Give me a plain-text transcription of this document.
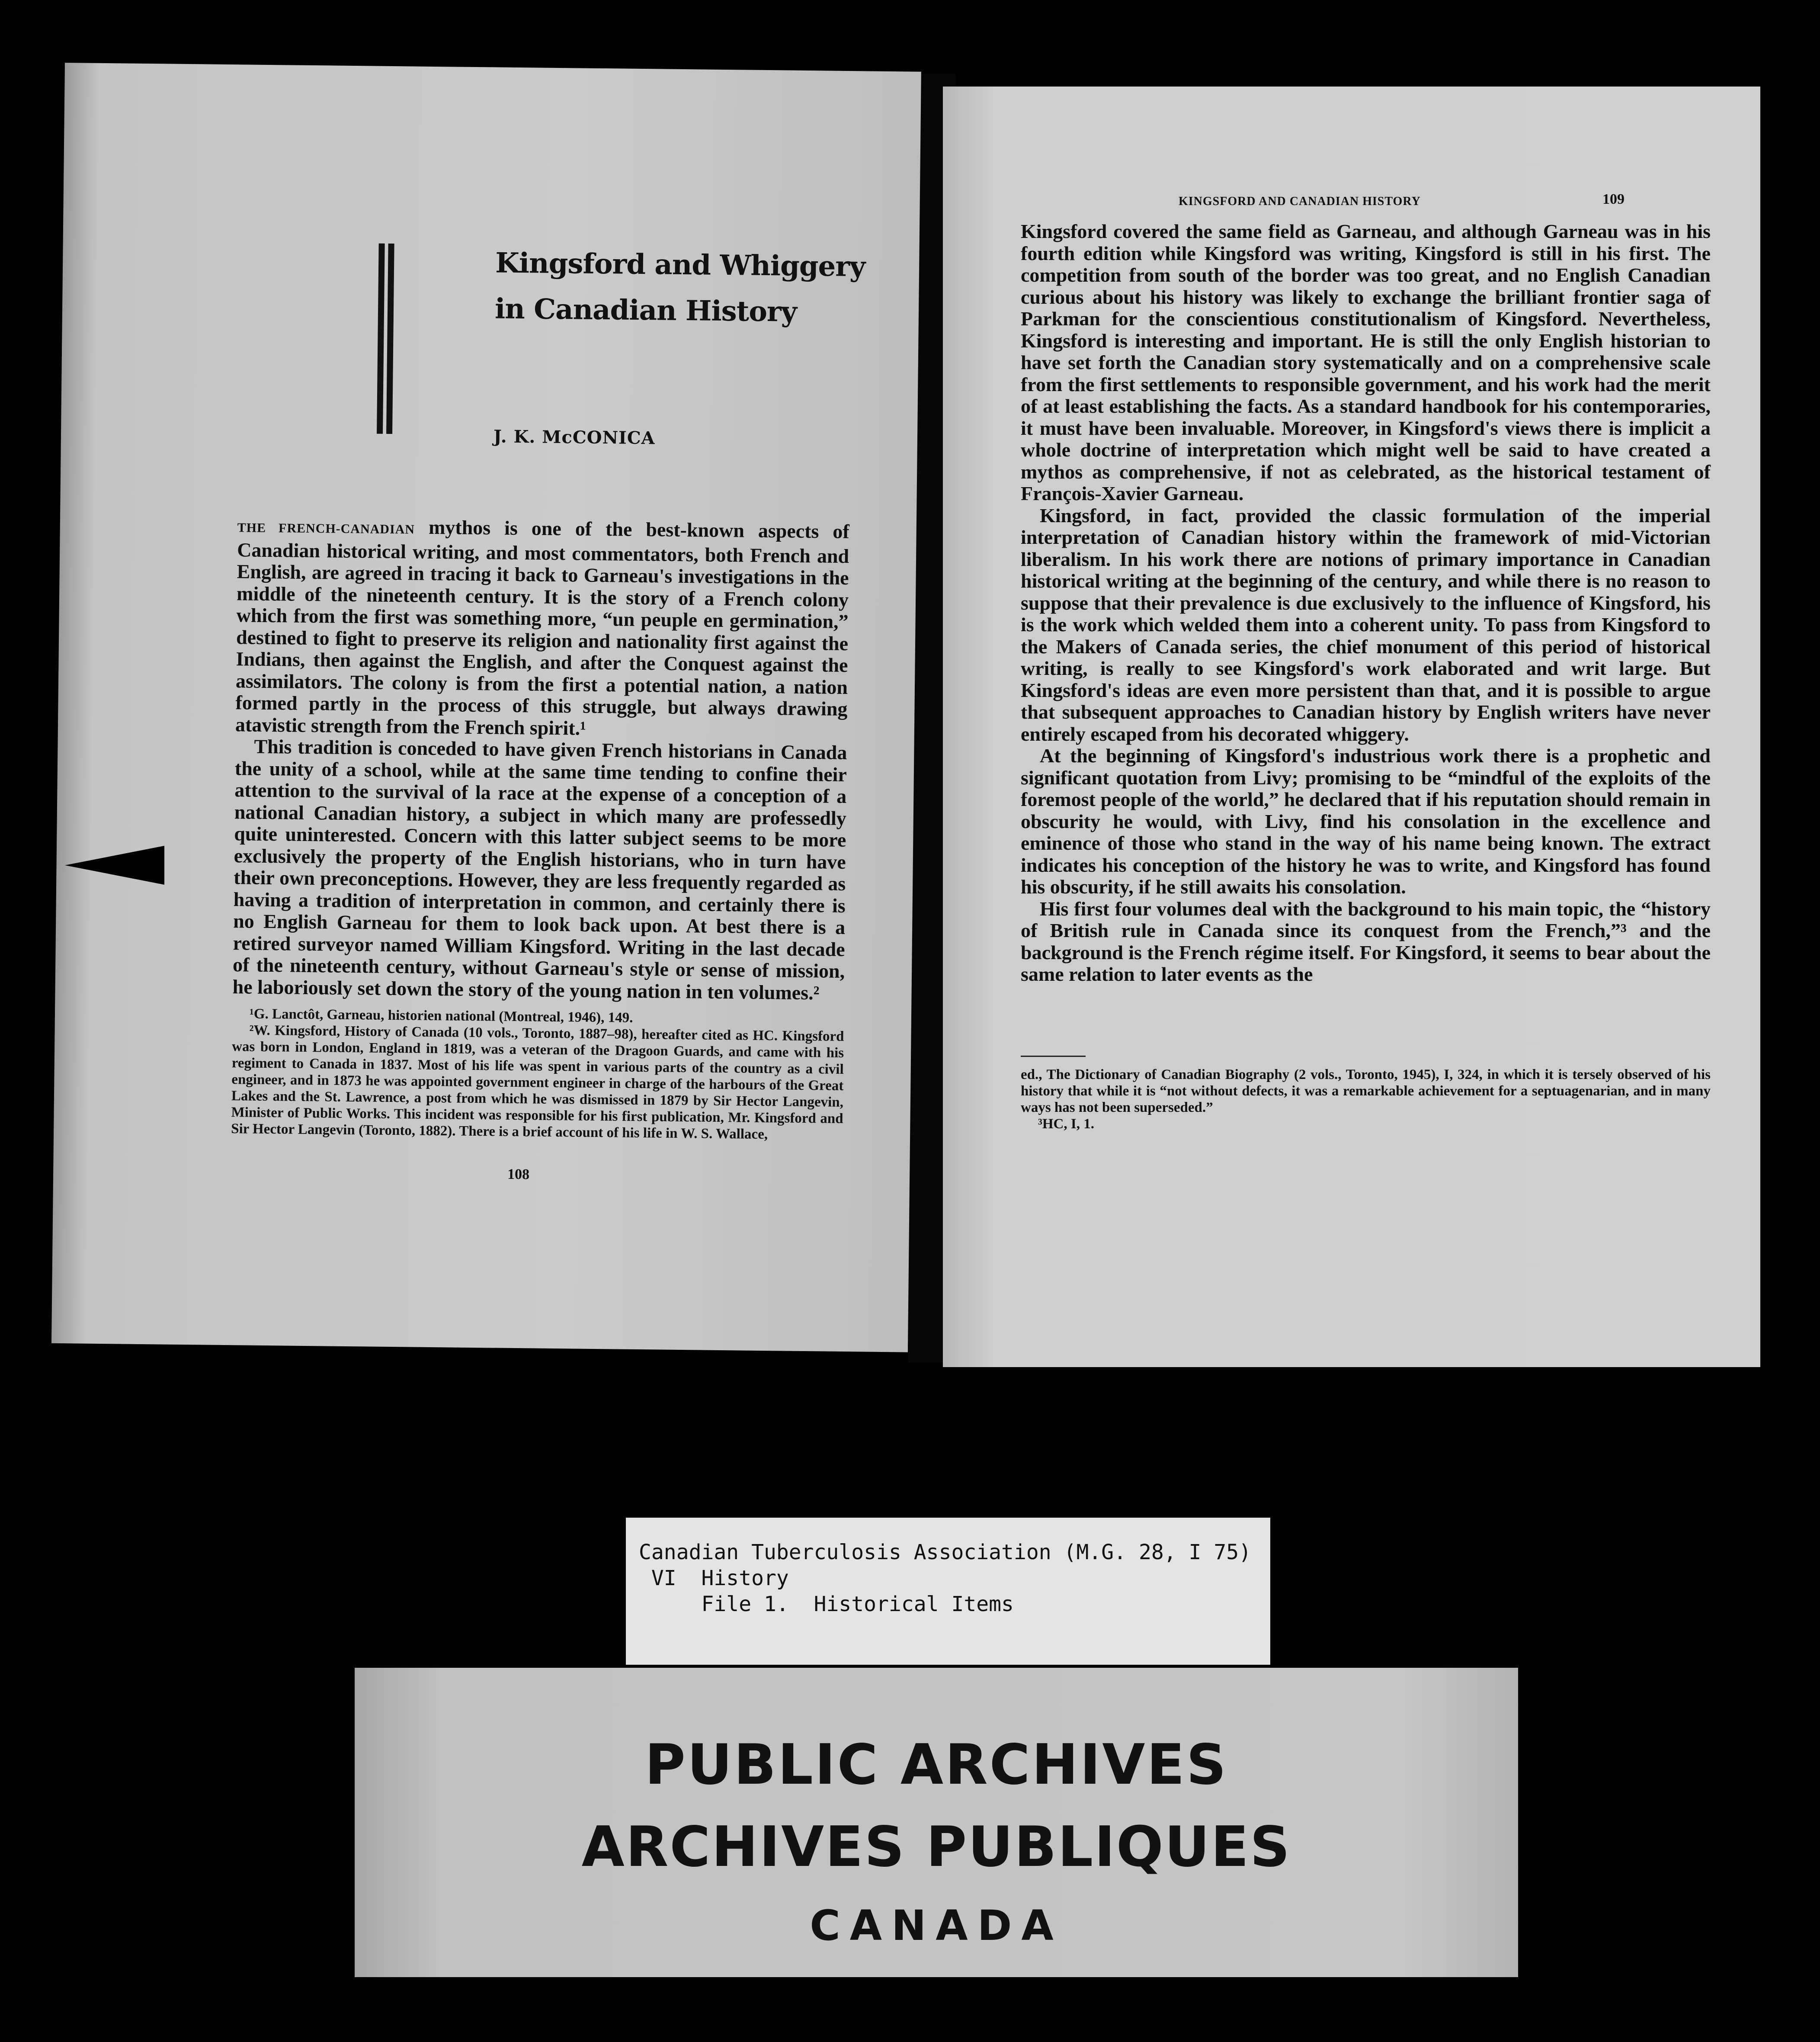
Kingsford and Whiggery
in Canadian History
J. K. McCONICA

THE FRENCH-CANADIAN mythos is one of the best-known aspects of Canadian historical writing, and most commentators, both French and English, are agreed in tracing it back to Garneau's investigations in the middle of the nineteenth century. It is the story of a French colony which from the first was something more, “un peuple en germination,” destined to fight to preserve its religion and nationality first against the Indians, then against the English, and after the Conquest against the assimilators. The colony is from the first a potential nation, a nation formed partly in the process of this struggle, but always drawing atavistic strength from the French spirit.¹

This tradition is conceded to have given French historians in Canada the unity of a school, while at the same time tending to confine their attention to the survival of la race at the expense of a conception of a national Canadian history, a subject in which many are professedly quite uninterested. Concern with this latter subject seems to be more exclusively the property of the English historians, who in turn have their own preconceptions. However, they are less frequently regarded as having a tradition of interpretation in common, and certainly there is no English Garneau for them to look back upon. At best there is a retired surveyor named William Kingsford. Writing in the last decade of the nineteenth century, without Garneau's style or sense of mission, he laboriously set down the story of the young nation in ten volumes.²

¹G. Lanctôt, Garneau, historien national (Montreal, 1946), 149.

²W. Kingsford, History of Canada (10 vols., Toronto, 1887–98), hereafter cited as HC. Kingsford was born in London, England in 1819, was a veteran of the Dragoon Guards, and came with his regiment to Canada in 1837. Most of his life was spent in various parts of the country as a civil engineer, and in 1873 he was appointed government engineer in charge of the harbours of the Great Lakes and the St. Lawrence, a post from which he was dismissed in 1879 by Sir Hector Langevin, Minister of Public Works. This incident was responsible for his first publication, Mr. Kingsford and Sir Hector Langevin (Toronto, 1882). There is a brief account of his life in W. S. Wallace,

108
KINGSFORD AND CANADIAN HISTORY	109

Kingsford covered the same field as Garneau, and although Garneau was in his fourth edition while Kingsford was writing, Kingsford is still in his first. The competition from south of the border was too great, and no English Canadian curious about his history was likely to exchange the brilliant frontier saga of Parkman for the conscientious constitutionalism of Kingsford. Nevertheless, Kingsford is interesting and important. He is still the only English historian to have set forth the Canadian story systematically and on a comprehensive scale from the first settlements to responsible government, and his work had the merit of at least establishing the facts. As a standard handbook for his contemporaries, it must have been invaluable. Moreover, in Kingsford's views there is implicit a whole doctrine of interpretation which might well be said to have created a mythos as comprehensive, if not as celebrated, as the historical testament of François-Xavier Garneau.

Kingsford, in fact, provided the classic formulation of the imperial interpretation of Canadian history within the framework of mid-Victorian liberalism. In his work there are notions of primary importance in Canadian historical writing at the beginning of the century, and while there is no reason to suppose that their prevalence is due exclusively to the influence of Kingsford, his is the work which welded them into a coherent unity. To pass from Kingsford to the Makers of Canada series, the chief monument of this period of historical writing, is really to see Kingsford's work elaborated and writ large. But Kingsford's ideas are even more persistent than that, and it is possible to argue that subsequent approaches to Canadian history by English writers have never entirely escaped from his decorated whiggery.

At the beginning of Kingsford's industrious work there is a prophetic and significant quotation from Livy; promising to be “mindful of the exploits of the foremost people of the world,” he declared that if his reputation should remain in obscurity he would, with Livy, find his consolation in the excellence and eminence of those who stand in the way of his name being known. The extract indicates his conception of the history he was to write, and Kingsford has found his obscurity, if he still awaits his consolation.

His first four volumes deal with the background to his main topic, the “history of British rule in Canada since its conquest from the French,”³ and the background is the French régime itself. For Kingsford, it seems to bear about the same relation to later events as the

ed., The Dictionary of Canadian Biography (2 vols., Toronto, 1945), I, 324, in which it is tersely observed of his history that while it is “not without defects, it was a remarkable achievement for a septuagenarian, and in many ways has not been superseded.”

³HC, I, 1.

Canadian Tuberculosis Association (M.G. 28, I 75)
VI  History
File 1.  Historical Items
PUBLIC ARCHIVES
ARCHIVES PUBLIQUES
CANADA
